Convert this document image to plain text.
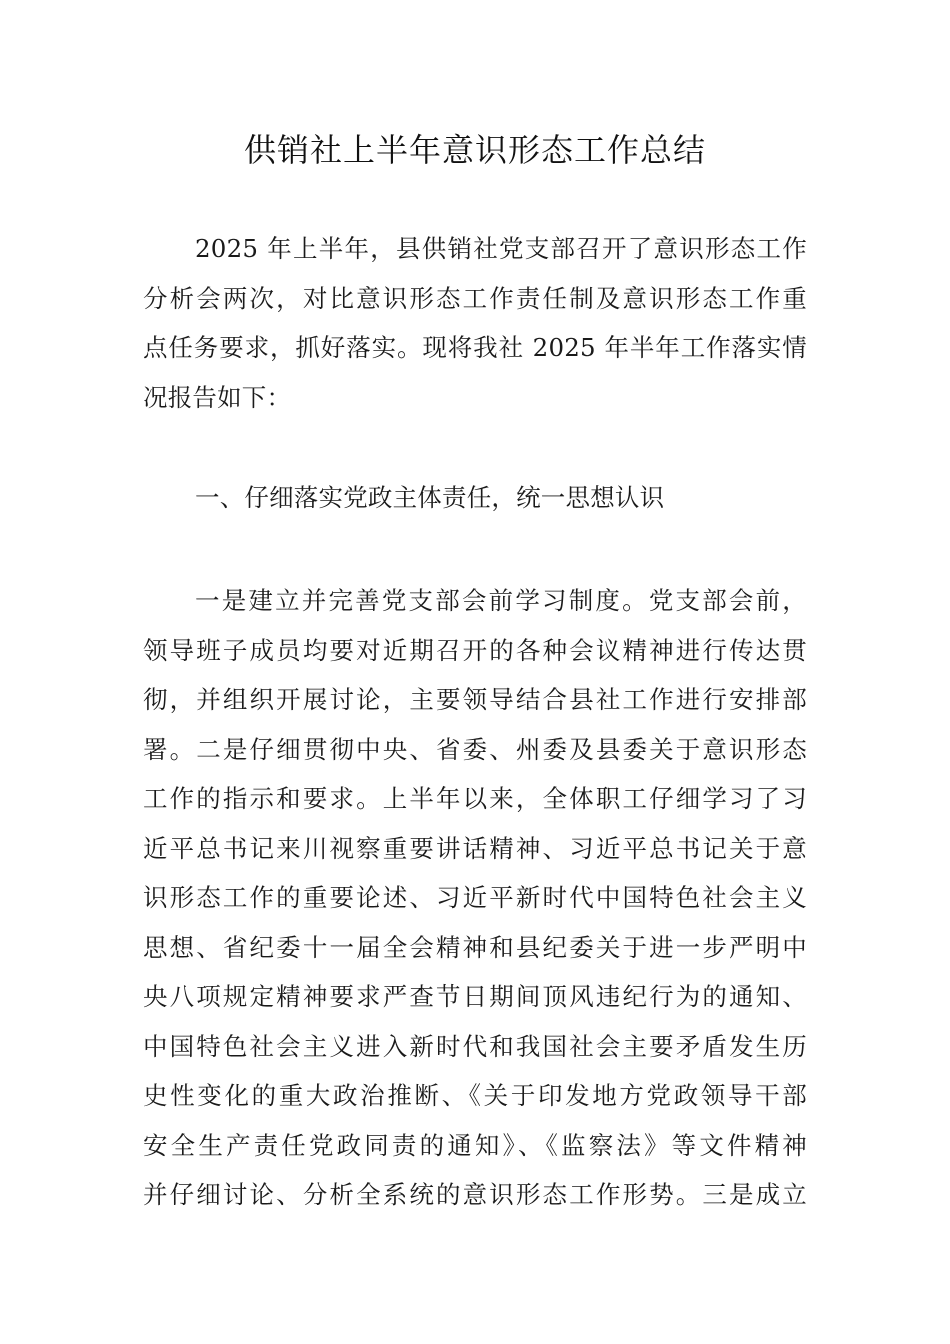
供销社上半年意识形态工作总结
2025 年上半年，县供销社党支部召开了意识形态工作
分析会两次，对比意识形态工作责任制及意识形态工作重
点任务要求，抓好落实。现将我社 2025 年半年工作落实情
况报告如下：
一、仔细落实党政主体责任，统一思想认识
一是建立并完善党支部会前学习制度。党支部会前，
领导班子成员均要对近期召开的各种会议精神进行传达贯
彻，并组织开展讨论，主要领导结合县社工作进行安排部
署。二是仔细贯彻中央、省委、州委及县委关于意识形态
工作的指示和要求。上半年以来，全体职工仔细学习了习
近平总书记来川视察重要讲话精神、习近平总书记关于意
识形态工作的重要论述、习近平新时代中国特色社会主义
思想、省纪委十一届全会精神和县纪委关于进一步严明中
央八项规定精神要求严查节日期间顶风违纪行为的通知、
中国特色社会主义进入新时代和我国社会主要矛盾发生历
史性变化的重大政治推断、《关于印发地方党政领导干部
安全生产责任党政同责的通知》、《监察法》等文件精神
并仔细讨论、分析全系统的意识形态工作形势。三是成立
